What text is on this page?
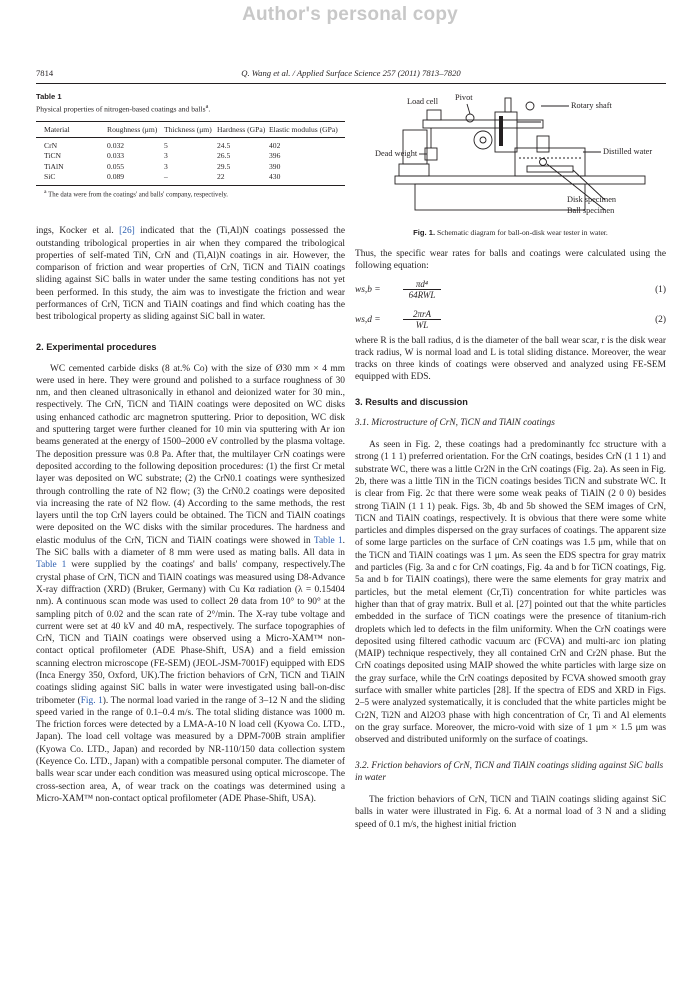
Author's personal copy
7814	Q. Wang et al. / Applied Surface Science 257 (2011) 7813–7820
Table 1
Physical properties of nitrogen-based coatings and balls$^a$.
Material	Roughness (μm)	Thickness (μm)	Hardness (GPa)	Elastic modulus (GPa)
CrN	0.032	5	24.5	402
TiCN	0.033	3	26.5	396
TiAlN	0.055	3	29.5	390
SiC	0.089	–	22	430
$^a$ The data were from the coatings' and balls' company, respectively.

ings, Kocker et al. [26] indicated that the (Ti,Al)N coatings possessed the outstanding tribological properties in air when they compared the tribological properties of self-mated TiN, CrN and (Ti,Al)N coatings in air. However, the comparison of friction and wear properties of CrN, TiCN and TiAlN coatings sliding against SiC balls in water under the same testing conditions has not yet been performed. In this study, the aim was to investigate the friction and wear performances of CrN, TiCN and TiAlN coatings and find which coating has the best tribological property as sliding against SiC ball in water.

2. Experimental procedures

WC cemented carbide disks (8 at.% Co) with the size of Ø30 mm × 4 mm were used in here. They were ground and polished to a surface roughness of 30 nm, and then cleaned ultrasonically in ethanol and deionized water for 30 min., respectively. The CrN, TiCN and TiAlN coatings were deposited on WC disks using enhanced cathodic arc magnetron sputtering. Prior to deposition, WC disk and sputtering target were further cleaned for 10 min via sputtering with Ar ion beams generated at the energy of 1500–2000 eV controlled by the plasma voltage. The deposition pressure was 0.8 Pa. After that, the multilayer CrN coatings were deposited according to the following deposition procedures: (1) the first Cr metal layer was deposited on WC substrate; (2) the CrN0.1 coatings were synthesized through controlling the rate of N2 flow; (3) the CrN0.2 coatings were deposited via increasing the rate of N2 flow. (4) According to the same methods, the rest layers until the top CrN layers could be obtained. The TiCN and TiAlN coatings were deposited on the WC disks with the similar procedures. The hardness and elastic modulus of the CrN, TiCN and TiAlN coatings were showed in Table 1. The SiC balls with a diameter of 8 mm were used as mating balls. All data in Table 1 were supplied by the coatings' and balls' company, respectively.The crystal phase of CrN, TiCN and TiAlN coatings was measured using D8-Advance X-ray diffraction (XRD) (Bruker, Germany) with Cu Kα radiation (λ = 0.15404 nm). A continuous scan mode was used to collect 2θ data from 10° to 90° at the sampling pitch of 0.02 and the scan rate of 2°/min. The X-ray tube voltage and current were set at 40 kV and 40 mA, respectively. The surface topographies of CrN, TiCN and TiAlN coatings were observed using a Micro-XAM™ non-contact optical profilometer (ADE Phase-Shift, USA) and a field emission scanning electron microscope (FE-SEM) (JEOL-JSM-7001F) equipped with EDS (Inca Energy 350, Oxford, UK).The friction behaviors of CrN, TiCN and TiAlN coatings sliding against SiC balls in water were investigated using ball-on-disc tribometer (Fig. 1). The normal load varied in the range of 3–12 N and the sliding speed varied in the range of 0.1–0.4 m/s. The total sliding distance was 1000 m. The friction forces were detected by a LMA-A-10 N load cell (Kyowa Co. LTD., Japan). The load cell voltage was measured by a DPM-700B strain amplifier (Kyowa Co. LTD., Japan) and recorded by NR-110/150 data collection system (Keyence Co. LTD., Japan) with a compatible personal computer. The diameter of balls wear scar under each condition was measured using optical microscope. The cross-section area, A, of wear track on the coatings was determined using a Micro-XAM™ non-contact optical profilometer (ADE Phase-Shift, USA).

Load cell Pivot
Rotary shaft
Dead weight	Distilled water
Disk specimen
Ball specimen
Fig. 1. Schematic diagram for ball-on-disk wear tester in water.

Thus, the specific wear rates for balls and coatings were calculated using the following equation:

ws,b =
πd⁴
64RWL	(1)
ws,d =
2πrA
WL	(2)

where R is the ball radius, d is the diameter of the ball wear scar, r is the disk wear track radius, W is normal load and L is total sliding distance. Moreover, the wear tracks on three kinds of coatings were observed and analyzed using FE-SEM equipped with EDS.

3. Results and discussion

3.1. Microstructure of CrN, TiCN and TiAlN coatings

As seen in Fig. 2, these coatings had a predominantly fcc structure with a strong (1 1 1) preferred orientation. For the CrN coatings, besides CrN (1 1 1) and substrate WC, there was a little Cr2N in the CrN coatings (Fig. 2a). As seen in Fig. 2b, there was a little TiN in the TiCN coatings besides TiCN and substrate WC. It is clear from Fig. 2c that there were some weak peaks of TiAlN (2 0 0) besides strong TiAlN (1 1 1) peak. Figs. 3b, 4b and 5b showed the SEM images of CrN, TiCN and TiAlN coatings, respectively. It is obvious that there were some white particles and dimples dispersed on the gray surfaces of coatings. The apparent size of some large particles on the surface of CrN coatings was 1.5 μm, while that on the TiCN and TiAlN coatings was 1 μm. As seen the EDS spectra for gray matrix and particles (Fig. 3a and c for CrN coatings, Fig. 4a and b for TiCN coatings, Fig. 5a and b for TiAlN coatings), there were the same elements for gray matrix and particles, but the metal element (Cr,Ti) concentration for white particles was higher than that of gray matrix. Bull et al. [27] pointed out that the white particles embedded in the surface of TiCN coatings were the presence of titanium-rich droplets which led to defects in the film uniformity. When the CrN coatings were deposited using filtered cathodic vacuum arc (FCVA) and multi-arc ion plating (MAIP) technique respectively, they all contained CrN and Cr2N phase. But the CrN coatings deposited using MAIP showed the white particles with large size on the gray surface, while the CrN coatings deposited by FCVA showed smooth gray surface with smaller white particles [28]. If the spectra of EDS and XRD in Figs. 2–5 were analyzed systematically, it is concluded that the white particles might be Cr2N, Ti2N and Al2O3 phase with high concentration of Cr, Ti and Al elements on the gray surface. Moreover, the micro-void with size of 1 μm × 1.5 μm was observed and distributed uniformly on the surface of coatings.

3.2. Friction behaviors of CrN, TiCN and TiAlN coatings sliding against SiC balls in water

The friction behaviors of CrN, TiCN and TiAlN coatings sliding against SiC balls in water were illustrated in Fig. 6. At a normal load of 3 N and a sliding speed of 0.1 m/s, the highest initial friction
